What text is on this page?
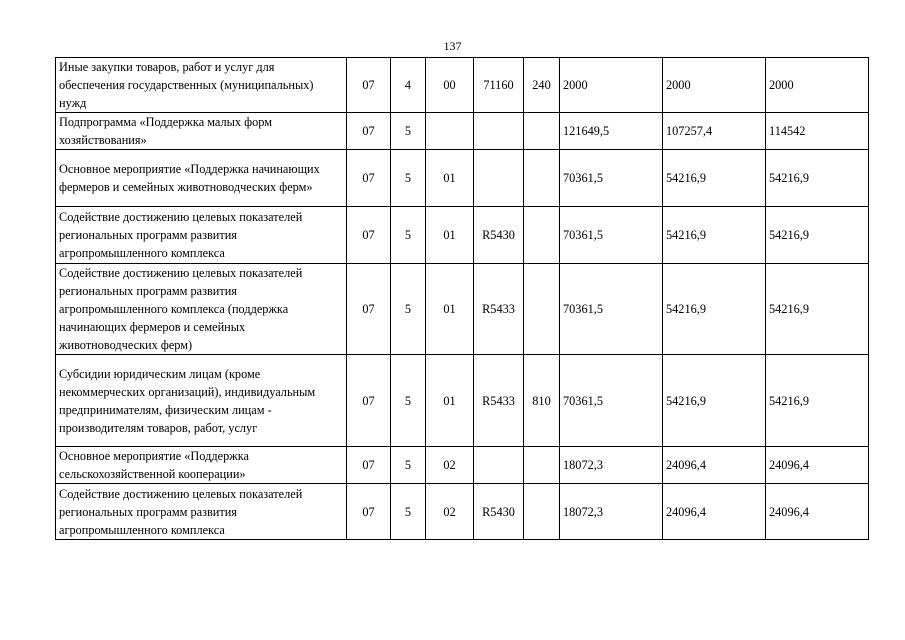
137
Иные закупки товаров, работ и услуг для обеспечения государственных (муниципальных) нужд	07	4	00	71160	240	2000	2000	2000
Подпрограмма «Поддержка малых форм хозяйствования»	07	5				121649,5	107257,4	114542
Основное мероприятие «Поддержка начинающих фермеров и семейных животноводческих ферм»	07	5	01			70361,5	54216,9	54216,9
Содействие достижению целевых показателей региональных программ развития агропромышленного комплекса	07	5	01	R5430		70361,5	54216,9	54216,9
Содействие достижению целевых показателей региональных программ развития агропромышленного комплекса (поддержка начинающих фермеров и семейных животноводческих ферм)	07	5	01	R5433		70361,5	54216,9	54216,9
Субсидии юридическим лицам (кроме некоммерческих организаций), индивидуальным предпринимателям, физическим лицам - производителям товаров, работ, услуг	07	5	01	R5433	810	70361,5	54216,9	54216,9
Основное мероприятие «Поддержка сельскохозяйственной кооперации»	07	5	02			18072,3	24096,4	24096,4
Содействие достижению целевых показателей региональных программ развития агропромышленного комплекса	07	5	02	R5430		18072,3	24096,4	24096,4
